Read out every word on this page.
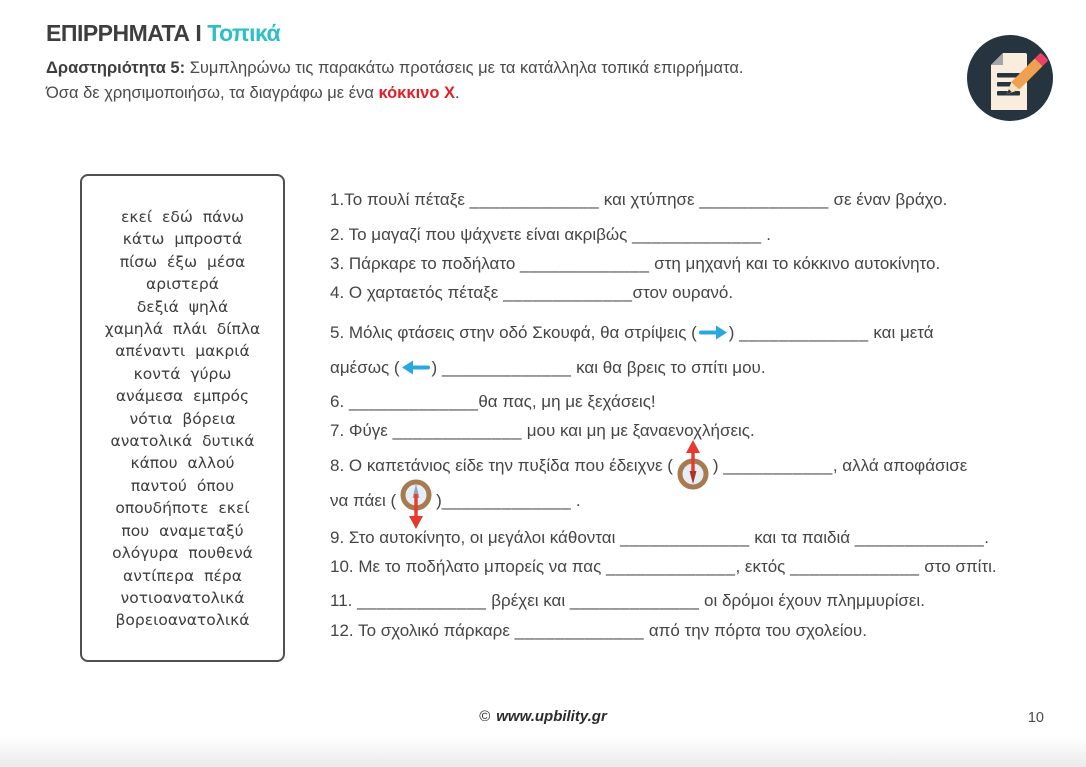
ΕΠΙΡΡΗΜΑΤΑ Ι Τοπικά
Δραστηριότητα 5: Συμπληρώνω τις παρακάτω προτάσεις με τα κατάλληλα τοπικά επιρρήματα.
Όσα δε χρησιμοποιήσω, τα διαγράφω με ένα κόκκινο Χ.
εκεί εδώ πάνω
κάτω μπροστά
πίσω έξω μέσα
αριστερά
δεξιά ψηλά
χαμηλά πλάι δίπλα
απέναντι μακριά
κοντά γύρω
ανάμεσα εμπρός
νότια βόρεια
ανατολικά δυτικά
κάπου αλλού
παντού όπου
οπουδήποτε εκεί
που αναμεταξύ
ολόγυρα πουθενά
αντίπερα πέρα
νοτιοανατολικά
βορειοανατολικά
1.Το πουλί πέταξε _____________ και χτύπησε _____________ σε έναν βράχο.
2. Το μαγαζί που ψάχνετε είναι ακριβώς _____________ .
3. Πάρκαρε το ποδήλατο _____________ στη μηχανή και το κόκκινο αυτοκίνητο.
4. Ο χαρταετός πέταξε _____________στον ουρανό.
5. Μόλις φτάσεις στην οδό Σκουφά, θα στρίψεις ( ) _____________ και μετά
αμέσως ( ) _____________ και θα βρεις το σπίτι μου.
6. _____________θα πας, μη με ξεχάσεις!
7. Φύγε _____________ μου και μη με ξαναενοχλήσεις.
8. Ο καπετάνιος είδε την πυξίδα που έδειχνε ( ) ___________, αλλά αποφάσισε
να πάει ( )_____________ .
9. Στο αυτοκίνητο, οι μεγάλοι κάθονται _____________ και τα παιδιά _____________.
10. Με το ποδήλατο μπορείς να πας _____________, εκτός _____________ στο σπίτι.
11. _____________ βρέχει και _____________ οι δρόμοι έχουν πλημμυρίσει.
12. Το σχολικό πάρκαρε _____________ από την πόρτα του σχολείου.
© www.upbility.gr	10
